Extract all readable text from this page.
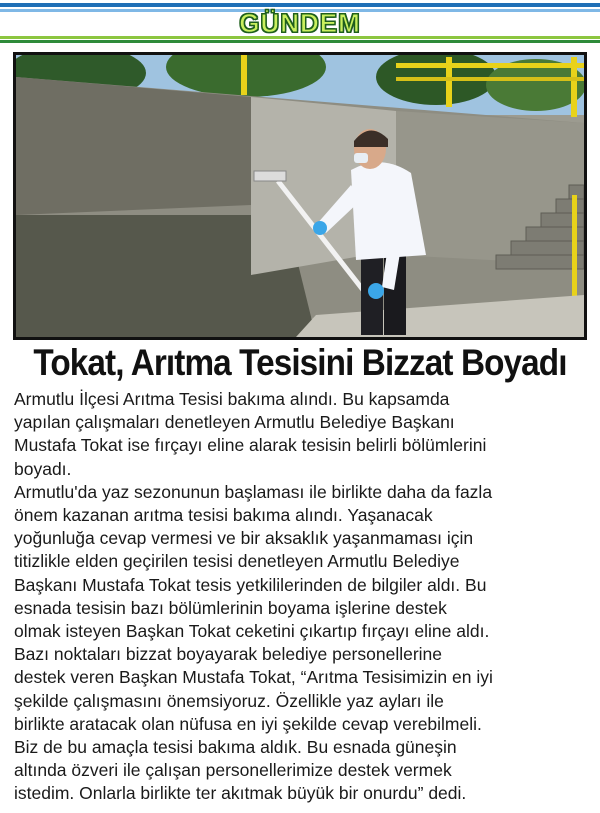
GÜNDEM
Tokat, Arıtma Tesisini Bizzat Boyadı
Armutlu İlçesi Arıtma Tesisi bakıma alındı. Bu kapsamda
yapılan çalışmaları denetleyen Armutlu Belediye Başkanı
Mustafa Tokat ise fırçayı eline alarak tesisin belirli bölümlerini
boyadı.
Armutlu'da yaz sezonunun başlaması ile birlikte daha da fazla
önem kazanan arıtma tesisi bakıma alındı. Yaşanacak
yoğunluğa cevap vermesi ve bir aksaklık yaşanmaması için
titizlikle elden geçirilen tesisi denetleyen Armutlu Belediye
Başkanı Mustafa Tokat tesis yetkililerinden de bilgiler aldı. Bu
esnada tesisin bazı bölümlerinin boyama işlerine destek
olmak isteyen Başkan Tokat ceketini çıkartıp fırçayı eline aldı.
Bazı noktaları bizzat boyayarak belediye personellerine
destek veren Başkan Mustafa Tokat, “Arıtma Tesisimizin en iyi
şekilde çalışmasını önemsiyoruz. Özellikle yaz ayları ile
birlikte aratacak olan nüfusa en iyi şekilde cevap verebilmeli.
Biz de bu amaçla tesisi bakıma aldık. Bu esnada güneşin
altında özveri ile çalışan personellerimize destek vermek
istedim. Onlarla birlikte ter akıtmak büyük bir onurdu” dedi.
